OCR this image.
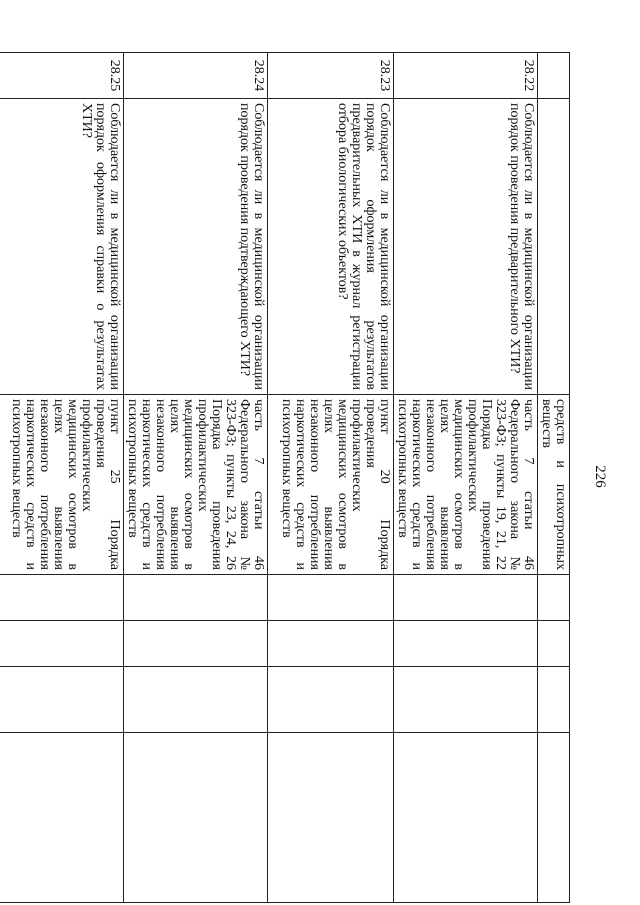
226
		средств и психотропных веществ				
28.22	Соблюдается ли в медицинской организации порядок проведения предварительного ХТИ?	часть 7 статьи 46 Федерального закона № 323-ФЗ; пункты 19, 21, 22 Порядка проведения профилактических медицинских осмотров в целях выявления незаконного потребления наркотических средств и психотропных веществ				
28.23	Соблюдается ли в медицинской организации порядок оформления результатов предварительных ХТИ в журнал регистрации отбора биологических объектов?	пункт 20 Порядка проведения профилактических медицинских осмотров в целях выявления незаконного потребления наркотических средств и психотропных веществ				
28.24	Соблюдается ли в медицинской организации порядок проведения подтверждающего ХТИ?	часть 7 статьи 46 Федерального закона № 323-ФЗ; пункты 23, 24, 26 Порядка проведения профилактических медицинских осмотров в целях выявления незаконного потребления наркотических средств и психотропных веществ				
28.25	Соблюдается ли в медицинской организации порядок оформления справки о результатах ХТИ?	пункт 25 Порядка проведения профилактических медицинских осмотров в целях выявления незаконного потребления наркотических средств и психотропных веществ				
